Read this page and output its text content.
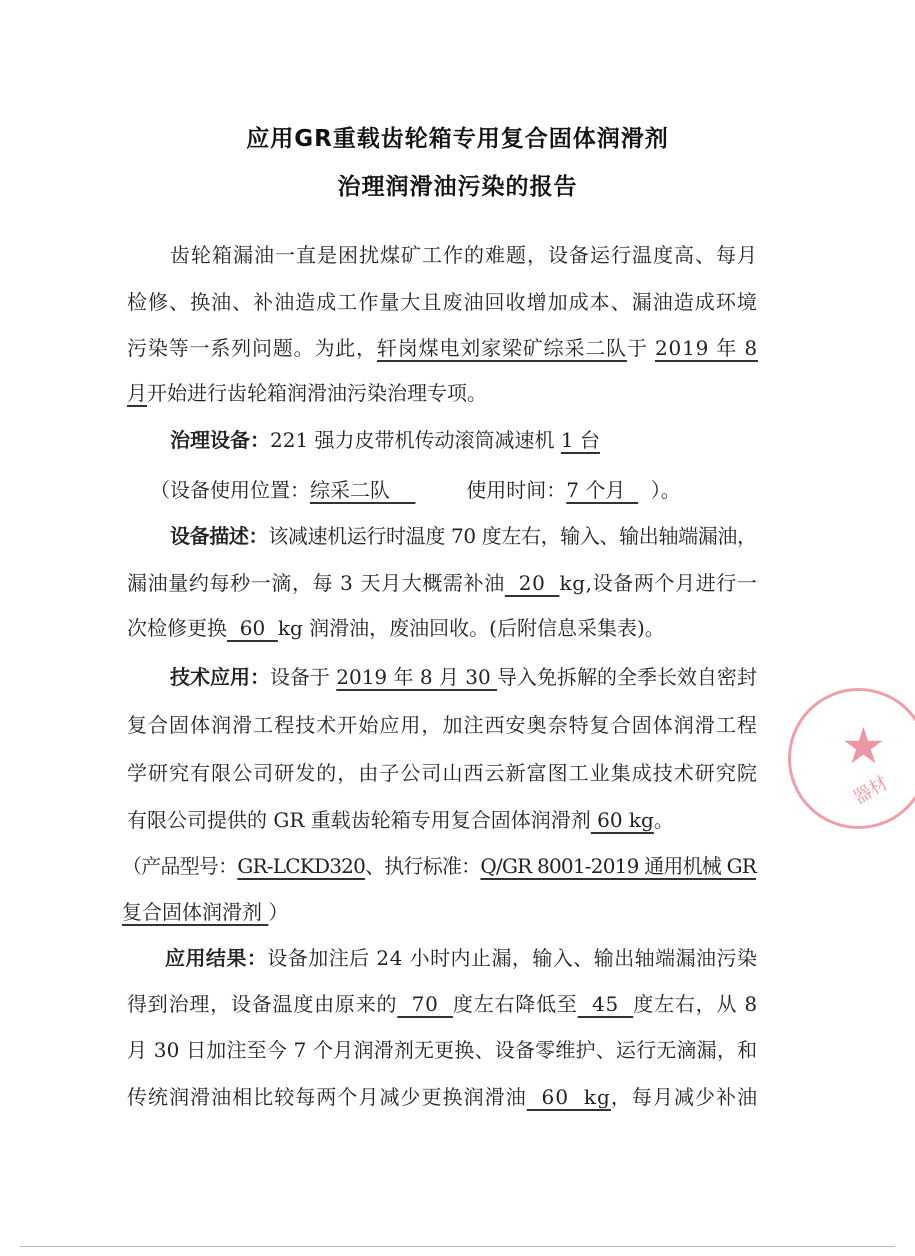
应用GR重载齿轮箱专用复合固体润滑剂
治理润滑油污染的报告
齿轮箱漏油一直是困扰煤矿工作的难题，设备运行温度高、每月
检修、换油、补油造成工作量大且废油回收增加成本、漏油造成环境
污染等一系列问题。为此，轩岗煤电刘家梁矿综采二队于 2019 年 8
月开始进行齿轮箱润滑油污染治理专项。
治理设备：221 强力皮带机传动滚筒减速机 1 台
（设备使用位置：综采二队            使用时间：7 个月    ）。
设备描述：该减速机运行时温度 70 度左右，输入、输出轴端漏油，
漏油量约每秒一滴，每 3 天月大概需补油  20  kg,设备两个月进行一
次检修更换  60  kg 润滑油，废油回收。(后附信息采集表)。
技术应用：设备于 2019 年 8 月 30 导入免拆解的全季长效自密封
复合固体润滑工程技术开始应用，加注西安奥奈特复合固体润滑工程
学研究有限公司研发的，由子公司山西云新富图工业集成技术研究院
有限公司提供的 GR 重载齿轮箱专用复合固体润滑剂 60 kg。
（产品型号：GR-LCKD320、执行标准：Q/GR 8001-2019 通用机械 GR
复合固体润滑剂 ）
应用结果：设备加注后 24 小时内止漏，输入、输出轴端漏油污染
得到治理，设备温度由原来的  70  度左右降低至  45  度左右，从 8
月 30 日加注至今 7 个月润滑剂无更换、设备零维护、运行无滴漏，和
传统润滑油相比较每两个月减少更换润滑油  60  kg，每月减少补油
★
器材
